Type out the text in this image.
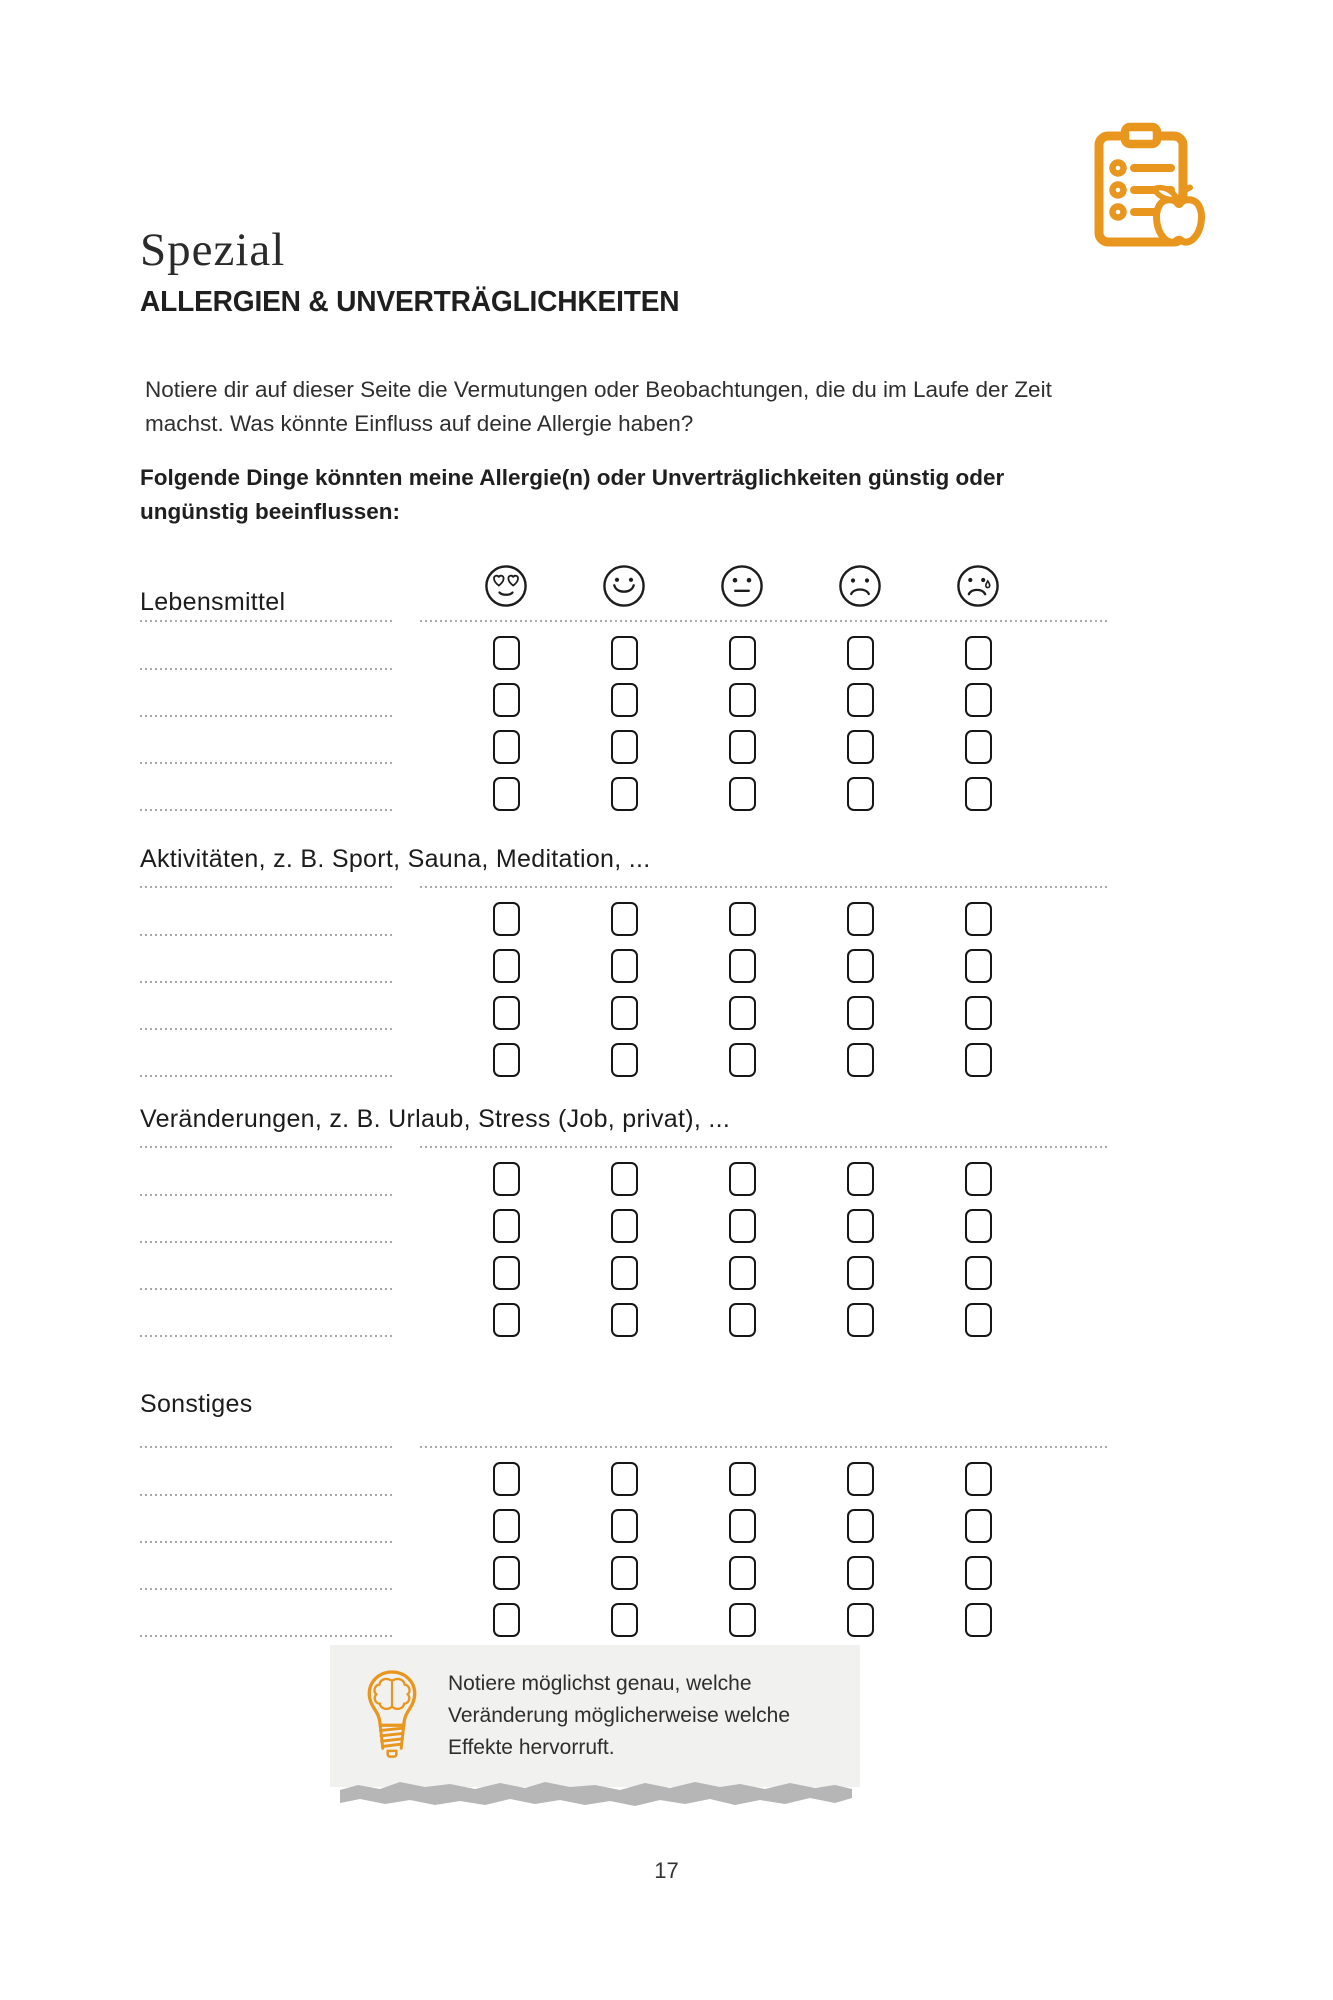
Spezial
ALLERGIEN & UNVERTRÄGLICHKEITEN

Notiere dir auf dieser Seite die Vermutungen oder Beobachtungen, die du im Laufe der Zeit machst. Was könnte Einfluss auf deine Allergie haben?

Folgende Dinge könnten meine Allergie(n) oder Unverträglichkeiten günstig oder ungünstig beeinflussen:

Lebensmittel
Aktivitäten, z. B. Sport, Sauna, Meditation, ...
Veränderungen, z. B. Urlaub, Stress (Job, privat), ...
Sonstiges
Notiere möglichst genau, welche Veränderung möglicherweise welche Effekte hervorruft.
17
